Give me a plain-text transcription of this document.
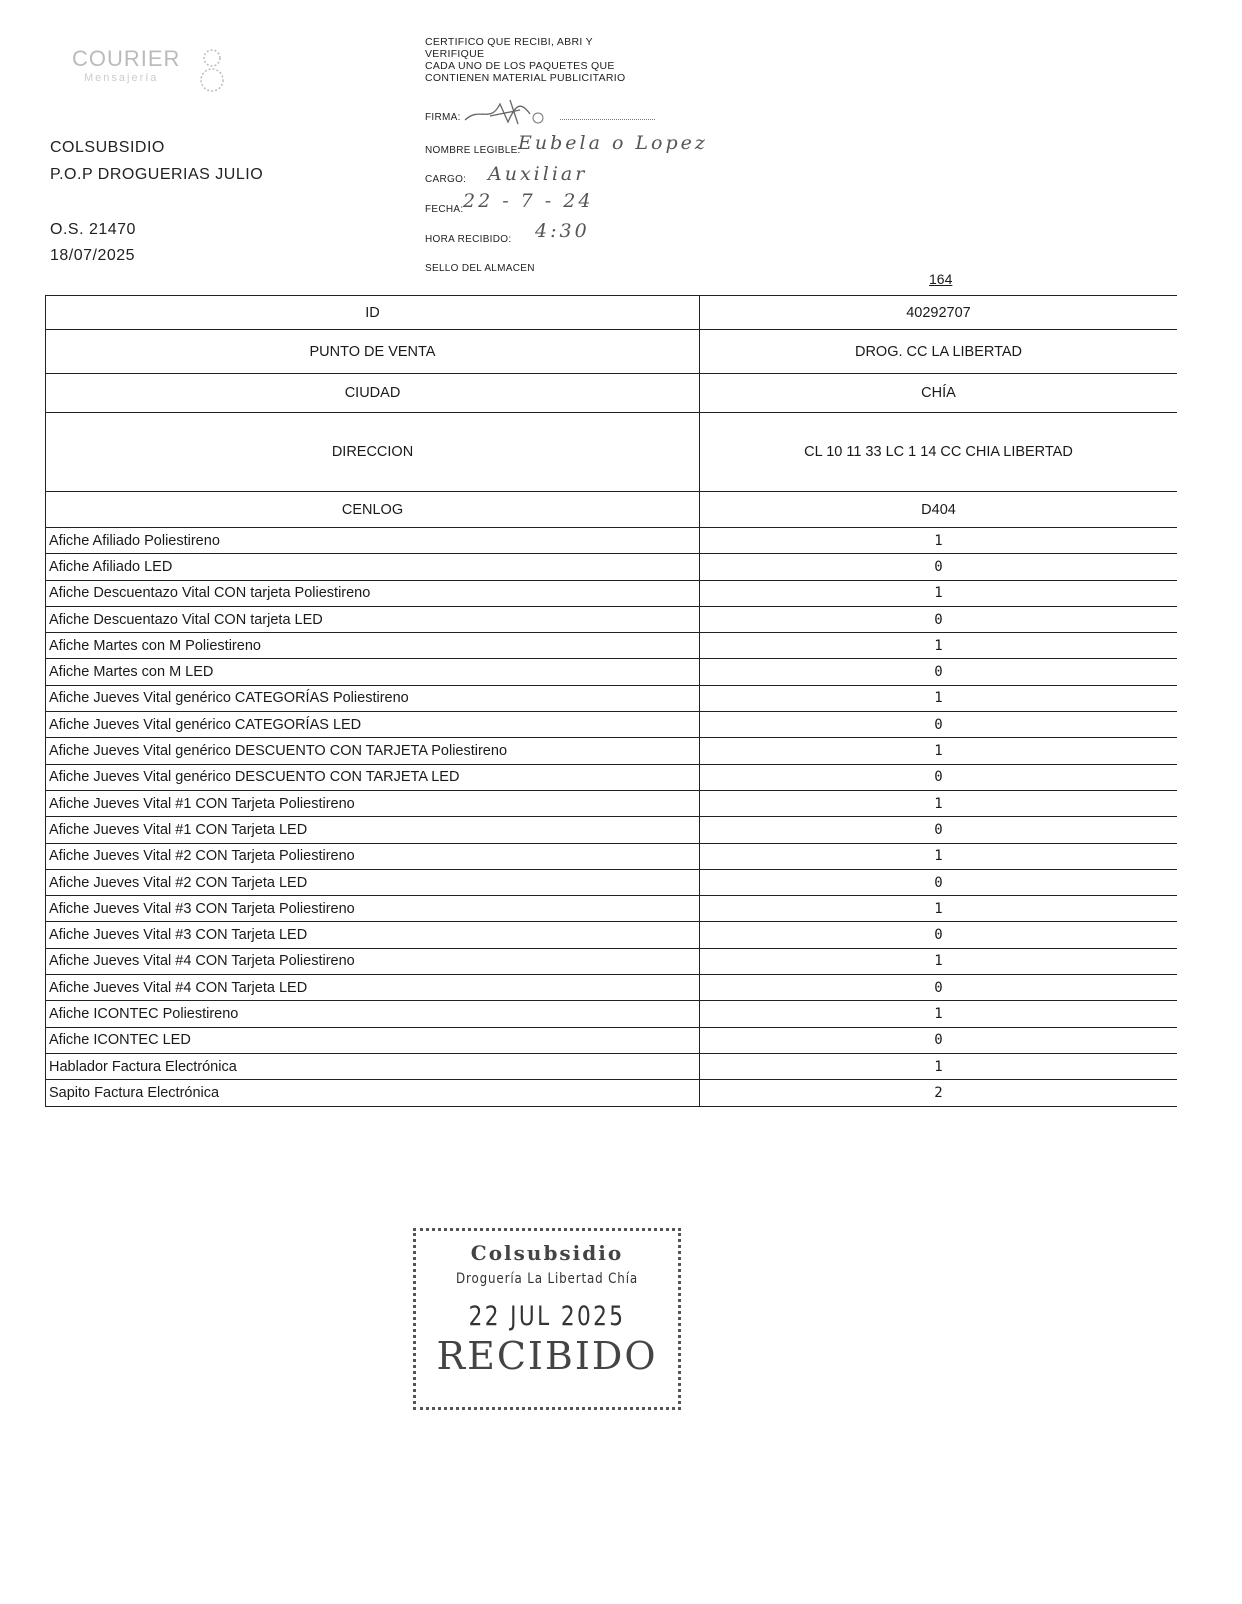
COURIER
Mensajería
COLSUBSIDIO
P.O.P DROGUERIAS JULIO
O.S. 21470
18/07/2025
CERTIFICO QUE RECIBI, ABRI Y
VERIFIQUE
CADA UNO DE LOS PAQUETES QUE
CONTIENEN MATERIAL PUBLICITARIO
FIRMA:
NOMBRE LEGIBLE:
Eubela o Lopez
CARGO: Auxiliar
FECHA: 22 - 7 - 24
HORA RECIBIDO: 4:30
SELLO DEL ALMACEN
164
ID	40292707
PUNTO DE VENTA	DROG. CC LA LIBERTAD
CIUDAD	CHÍA
DIRECCION	CL 10 11 33 LC 1 14 CC CHIA LIBERTAD
CENLOG	D404
Afiche Afiliado Poliestireno	1
Afiche Afiliado LED	0
Afiche Descuentazo Vital CON tarjeta Poliestireno	1
Afiche Descuentazo Vital CON tarjeta LED	0
Afiche Martes con M Poliestireno	1
Afiche Martes con M LED	0
Afiche Jueves Vital genérico CATEGORÍAS Poliestireno	1
Afiche Jueves Vital genérico CATEGORÍAS LED	0
Afiche Jueves Vital genérico DESCUENTO CON TARJETA Poliestireno	1
Afiche Jueves Vital genérico DESCUENTO CON TARJETA LED	0
Afiche Jueves Vital #1 CON Tarjeta Poliestireno	1
Afiche Jueves Vital #1 CON Tarjeta LED	0
Afiche Jueves Vital #2 CON Tarjeta Poliestireno	1
Afiche Jueves Vital #2 CON Tarjeta LED	0
Afiche Jueves Vital #3 CON Tarjeta Poliestireno	1
Afiche Jueves Vital #3 CON Tarjeta LED	0
Afiche Jueves Vital #4 CON Tarjeta Poliestireno	1
Afiche Jueves Vital #4 CON Tarjeta LED	0
Afiche ICONTEC Poliestireno	1
Afiche ICONTEC LED	0
Hablador Factura Electrónica	1
Sapito Factura Electrónica	2
Colsubsidio
Droguería La Libertad Chía
22 JUL 2025
RECIBIDO
